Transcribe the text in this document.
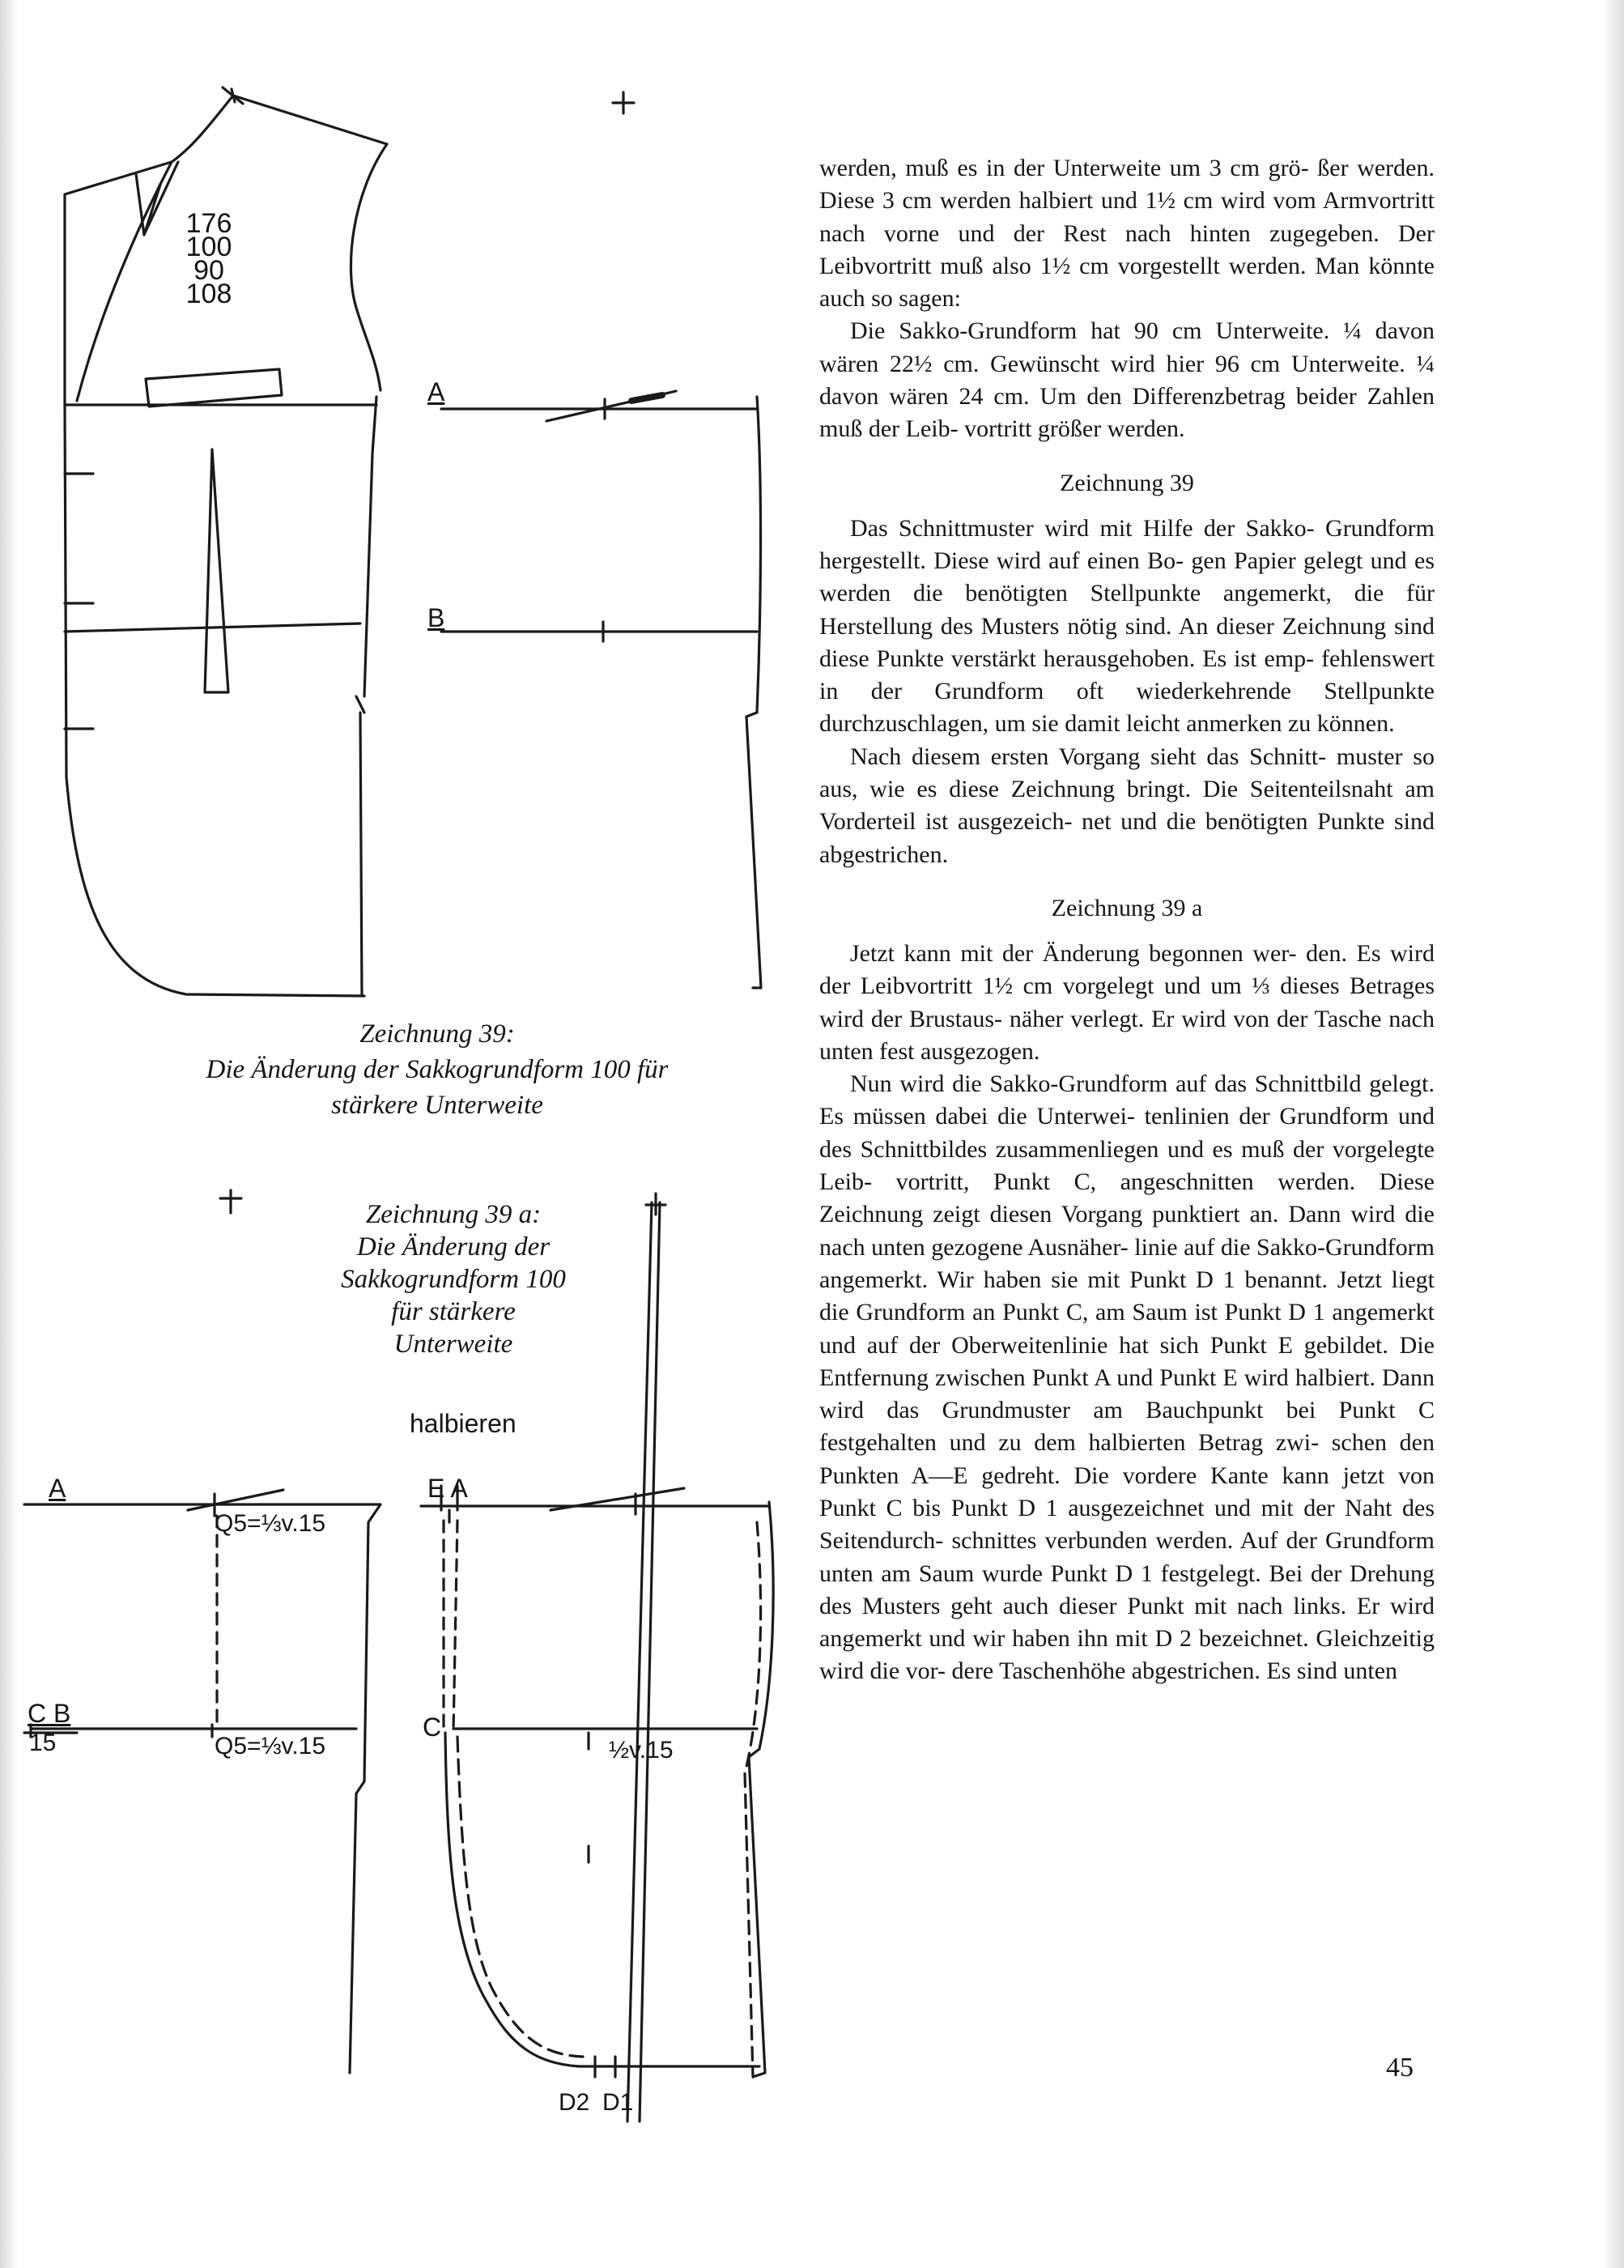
176
100
90
108
A
B
Zeichnung 39:
Die Änderung der Sakkogrundform 100 für
stärkere Unterweite
Zeichnung 39 a:
Die Änderung der
Sakkogrundform 100
für stärkere
Unterweite
halbieren
A
C B
15
Q5=⅓v.15
Q5=⅓v.15
E A
C
½v.15
D2 D1

werden, muß es in der Unterweite um 3 cm grö- ßer werden. Diese 3 cm werden halbiert und 1½ cm wird vom Armvortritt nach vorne und der Rest nach hinten zugegeben. Der Leibvortritt muß also 1½ cm vorgestellt werden. Man könnte auch so sagen:

Die Sakko-Grundform hat 90 cm Unterweite. ¼ davon wären 22½ cm. Gewünscht wird hier 96 cm Unterweite. ¼ davon wären 24 cm. Um den Differenzbetrag beider Zahlen muß der Leib- vortritt größer werden.

Zeichnung 39

Das Schnittmuster wird mit Hilfe der Sakko- Grundform hergestellt. Diese wird auf einen Bo- gen Papier gelegt und es werden die benötigten Stellpunkte angemerkt, die für Herstellung des Musters nötig sind. An dieser Zeichnung sind diese Punkte verstärkt herausgehoben. Es ist emp- fehlenswert in der Grundform oft wiederkehrende Stellpunkte durchzuschlagen, um sie damit leicht anmerken zu können.

Nach diesem ersten Vorgang sieht das Schnitt- muster so aus, wie es diese Zeichnung bringt. Die Seitenteilsnaht am Vorderteil ist ausgezeich- net und die benötigten Punkte sind abgestrichen.

Zeichnung 39 a

Jetzt kann mit der Änderung begonnen wer- den. Es wird der Leibvortritt 1½ cm vorgelegt und um ⅓ dieses Betrages wird der Brustaus- näher verlegt. Er wird von der Tasche nach unten fest ausgezogen.

Nun wird die Sakko-Grundform auf das Schnittbild gelegt. Es müssen dabei die Unterwei- tenlinien der Grundform und des Schnittbildes zusammenliegen und es muß der vorgelegte Leib- vortritt, Punkt C, angeschnitten werden. Diese Zeichnung zeigt diesen Vorgang punktiert an. Dann wird die nach unten gezogene Ausnäher- linie auf die Sakko-Grundform angemerkt. Wir haben sie mit Punkt D 1 benannt. Jetzt liegt die Grundform an Punkt C, am Saum ist Punkt D 1 angemerkt und auf der Oberweitenlinie hat sich Punkt E gebildet. Die Entfernung zwischen Punkt A und Punkt E wird halbiert. Dann wird das Grundmuster am Bauchpunkt bei Punkt C festgehalten und zu dem halbierten Betrag zwi- schen den Punkten A—E gedreht. Die vordere Kante kann jetzt von Punkt C bis Punkt D 1 ausgezeichnet und mit der Naht des Seitendurch- schnittes verbunden werden. Auf der Grundform unten am Saum wurde Punkt D 1 festgelegt. Bei der Drehung des Musters geht auch dieser Punkt mit nach links. Er wird angemerkt und wir haben ihn mit D 2 bezeichnet. Gleichzeitig wird die vor- dere Taschenhöhe abgestrichen. Es sind unten

45
